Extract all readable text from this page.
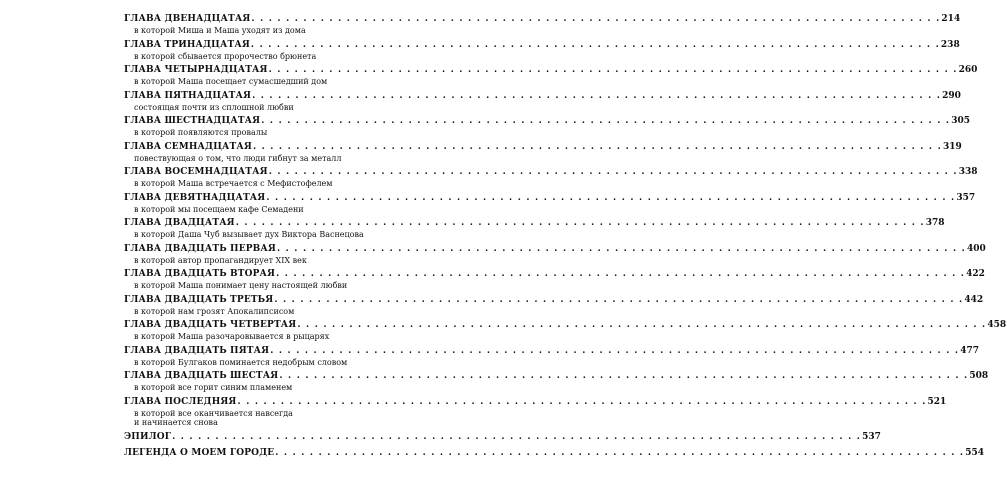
ГЛАВА ДВЕНАДЦАТАЯ . . . . . . . . . . . . . . . . . . . . . . . . . . . . . . . . . . . . . . . . . . . . . . . . . . . . . . . . . . . . . . . . . . . . . . . . . . . . . . . . 214
в которой Миша и Маша уходят из дома
ГЛАВА ТРИНАДЦАТАЯ . . . . . . . . . . . . . . . . . . . . . . . . . . . . . . . . . . . . . . . . . . . . . . . . . . . . . . . . . . . . . . . . . . . . . . . . . . . . . . . . 238
в которой сбывается пророчество брюнета
ГЛАВА ЧЕТЫРНАДЦАТАЯ . . . . . . . . . . . . . . . . . . . . . . . . . . . . . . . . . . . . . . . . . . . . . . . . . . . . . . . . . . . . . . . . . . . . . . . . . . . . . . . . 260
в которой Маша посещает сумасшедший дом
ГЛАВА ПЯТНАДЦАТАЯ . . . . . . . . . . . . . . . . . . . . . . . . . . . . . . . . . . . . . . . . . . . . . . . . . . . . . . . . . . . . . . . . . . . . . . . . . . . . . . . . 290
состоящая почти из сплошной любви
ГЛАВА ШЕСТНАДЦАТАЯ . . . . . . . . . . . . . . . . . . . . . . . . . . . . . . . . . . . . . . . . . . . . . . . . . . . . . . . . . . . . . . . . . . . . . . . . . . . . . . . . 305
в которой появляются провалы
ГЛАВА СЕМНАДЦАТАЯ . . . . . . . . . . . . . . . . . . . . . . . . . . . . . . . . . . . . . . . . . . . . . . . . . . . . . . . . . . . . . . . . . . . . . . . . . . . . . . . . 319
повествующая о том, что люди гибнут за металл
ГЛАВА ВОСЕМНАДЦАТАЯ . . . . . . . . . . . . . . . . . . . . . . . . . . . . . . . . . . . . . . . . . . . . . . . . . . . . . . . . . . . . . . . . . . . . . . . . . . . . . . . . 338
в которой Маша встречается с Мефистофелем
ГЛАВА ДЕВЯТНАДЦАТАЯ . . . . . . . . . . . . . . . . . . . . . . . . . . . . . . . . . . . . . . . . . . . . . . . . . . . . . . . . . . . . . . . . . . . . . . . . . . . . . . . . 357
в которой мы посещаем кафе Семадени
ГЛАВА ДВАДЦАТАЯ . . . . . . . . . . . . . . . . . . . . . . . . . . . . . . . . . . . . . . . . . . . . . . . . . . . . . . . . . . . . . . . . . . . . . . . . . . . . . . . . 378
в которой Даша Чуб вызывает дух Виктора Васнецова
ГЛАВА ДВАДЦАТЬ ПЕРВАЯ . . . . . . . . . . . . . . . . . . . . . . . . . . . . . . . . . . . . . . . . . . . . . . . . . . . . . . . . . . . . . . . . . . . . . . . . . . . . . . . . 400
в которой автор пропагандирует XIX век
ГЛАВА ДВАДЦАТЬ ВТОРАЯ . . . . . . . . . . . . . . . . . . . . . . . . . . . . . . . . . . . . . . . . . . . . . . . . . . . . . . . . . . . . . . . . . . . . . . . . . . . . . . . . 422
в которой Маша понимает цену настоящей любви
ГЛАВА ДВАДЦАТЬ ТРЕТЬЯ . . . . . . . . . . . . . . . . . . . . . . . . . . . . . . . . . . . . . . . . . . . . . . . . . . . . . . . . . . . . . . . . . . . . . . . . . . . . . . . . 442
в которой нам грозят Апокалипсисом
ГЛАВА ДВАДЦАТЬ ЧЕТВЕРТАЯ . . . . . . . . . . . . . . . . . . . . . . . . . . . . . . . . . . . . . . . . . . . . . . . . . . . . . . . . . . . . . . . . . . . . . . . . . . . . . . . . 458
в которой Маша разочаровывается в рыцарях
ГЛАВА ДВАДЦАТЬ ПЯТАЯ . . . . . . . . . . . . . . . . . . . . . . . . . . . . . . . . . . . . . . . . . . . . . . . . . . . . . . . . . . . . . . . . . . . . . . . . . . . . . . . . 477
в которой Булгаков поминается недобрым словом
ГЛАВА ДВАДЦАТЬ ШЕСТАЯ . . . . . . . . . . . . . . . . . . . . . . . . . . . . . . . . . . . . . . . . . . . . . . . . . . . . . . . . . . . . . . . . . . . . . . . . . . . . . . . . 508
в которой все горит синим пламенем
ГЛАВА ПОСЛЕДНЯЯ . . . . . . . . . . . . . . . . . . . . . . . . . . . . . . . . . . . . . . . . . . . . . . . . . . . . . . . . . . . . . . . . . . . . . . . . . . . . . . . . 521
в которой все оканчивается навсегда
и начинается снова
ЭПИЛОГ . . . . . . . . . . . . . . . . . . . . . . . . . . . . . . . . . . . . . . . . . . . . . . . . . . . . . . . . . . . . . . . . . . . . . . . . . . . . . . . . 537
ЛЕГЕНДА О МОЕМ ГОРОДЕ . . . . . . . . . . . . . . . . . . . . . . . . . . . . . . . . . . . . . . . . . . . . . . . . . . . . . . . . . . . . . . . . . . . . . . . . . . . . . . . . 554
